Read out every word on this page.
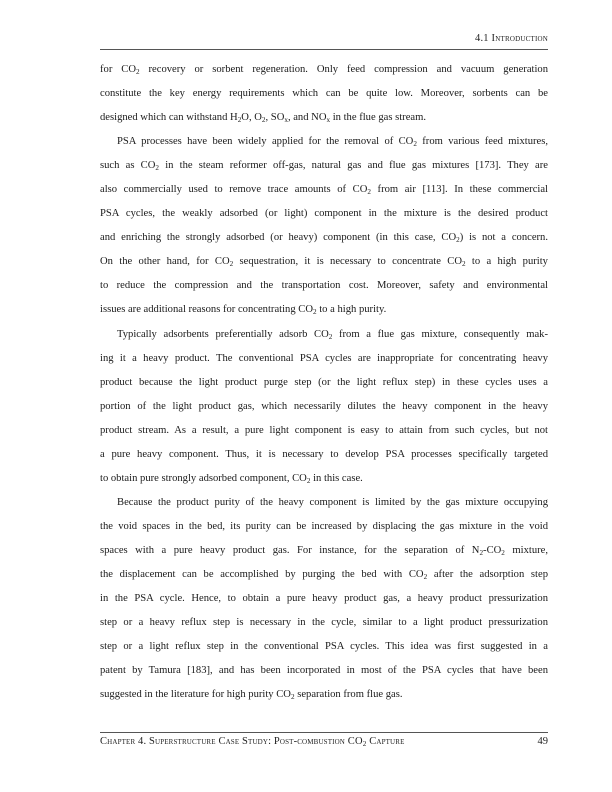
4.1 Introduction
for $CO_2$ recovery or sorbent regeneration. Only feed compression and vacuum generation
constitute the key energy requirements which can be quite low. Moreover, sorbents can be
designed which can withstand $H_2O$, $O_2$, $SO_x$, and $NO_x$ in the flue gas stream.
PSA processes have been widely applied for the removal of $CO_2$ from various feed mixtures,
such as $CO_2$ in the steam reformer off-gas, natural gas and flue gas mixtures [173]. They are
also commercially used to remove trace amounts of $CO_2$ from air [113]. In these commercial
PSA cycles, the weakly adsorbed (or light) component in the mixture is the desired product
and enriching the strongly adsorbed (or heavy) component (in this case, $CO_2$) is not a concern.
On the other hand, for $CO_2$ sequestration, it is necessary to concentrate $CO_2$ to a high purity
to reduce the compression and the transportation cost. Moreover, safety and environmental
issues are additional reasons for concentrating $CO_2$ to a high purity.
Typically adsorbents preferentially adsorb $CO_2$ from a flue gas mixture, consequently mak-
ing it a heavy product. The conventional PSA cycles are inappropriate for concentrating heavy
product because the light product purge step (or the light reflux step) in these cycles uses a
portion of the light product gas, which necessarily dilutes the heavy component in the heavy
product stream. As a result, a pure light component is easy to attain from such cycles, but not
a pure heavy component. Thus, it is necessary to develop PSA processes specifically targeted
to obtain pure strongly adsorbed component, $CO_2$ in this case.
Because the product purity of the heavy component is limited by the gas mixture occupying
the void spaces in the bed, its purity can be increased by displacing the gas mixture in the void
spaces with a pure heavy product gas. For instance, for the separation of $N_2-CO_2$ mixture,
the displacement can be accomplished by purging the bed with $CO_2$ after the adsorption step
in the PSA cycle. Hence, to obtain a pure heavy product gas, a heavy product pressurization
step or a heavy reflux step is necessary in the cycle, similar to a light product pressurization
step or a light reflux step in the conventional PSA cycles. This idea was first suggested in a
patent by Tamura [183], and has been incorporated in most of the PSA cycles that have been
suggested in the literature for high purity $CO_2$ separation from flue gas.
Chapter 4. Superstructure Case Study: Post-combustion $CO_2$ Capture	49
